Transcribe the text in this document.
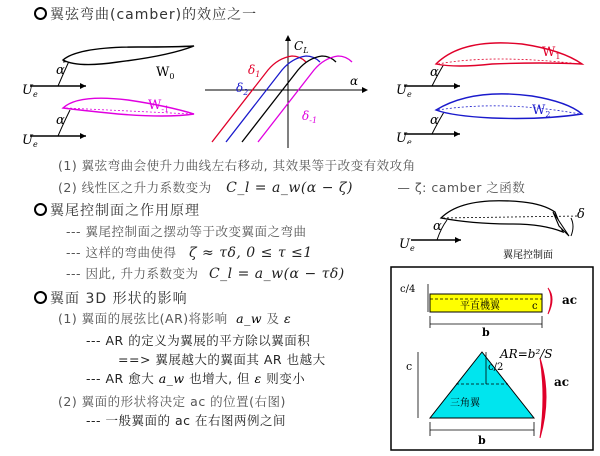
翼弦弯曲(camber)的效应之一
α
$U_e$
$W_0$
α
$U_e$
$W_{-1}$
$C_L$
$\delta_1$
$\delta_2$
$\delta_{-1}$
α
α
$U_e$
$W_1$
α
$U_e$
$W_2$
(1) 翼弦弯曲会使升力曲线左右移动, 其效果等于改变有效攻角
(2) 线性区之升力系数变为 C_l = a_w(α − ζ)	— ζ: camber 之函数
翼尾控制面之作用原理
--- 翼尾控制面之摆动等于改变翼面之弯曲
--- 这样的弯曲使得 ζ ≈ τδ, 0 ≤ τ ≤1
--- 因此, 升力系数变为 C_l = a_w(α − τδ)
α
$U_e$
δ
翼尾控制面
翼面 3D 形状的影响
(1) 翼面的展弦比(AR)将影响 a_w 及 ε
--- AR 的定义为翼展的平方除以翼面积
==> 翼展越大的翼面其 AR 也越大
--- AR 愈大 a_w 也增大, 但 ε 则变小
(2) 翼面的形状将决定 ac 的位置(右图)
--- 一般翼面的 ac 在右图两例之间
平直機翼
c/4
c
b
ac
三角翼
c	c/2
b
ac
AR=b²/S
